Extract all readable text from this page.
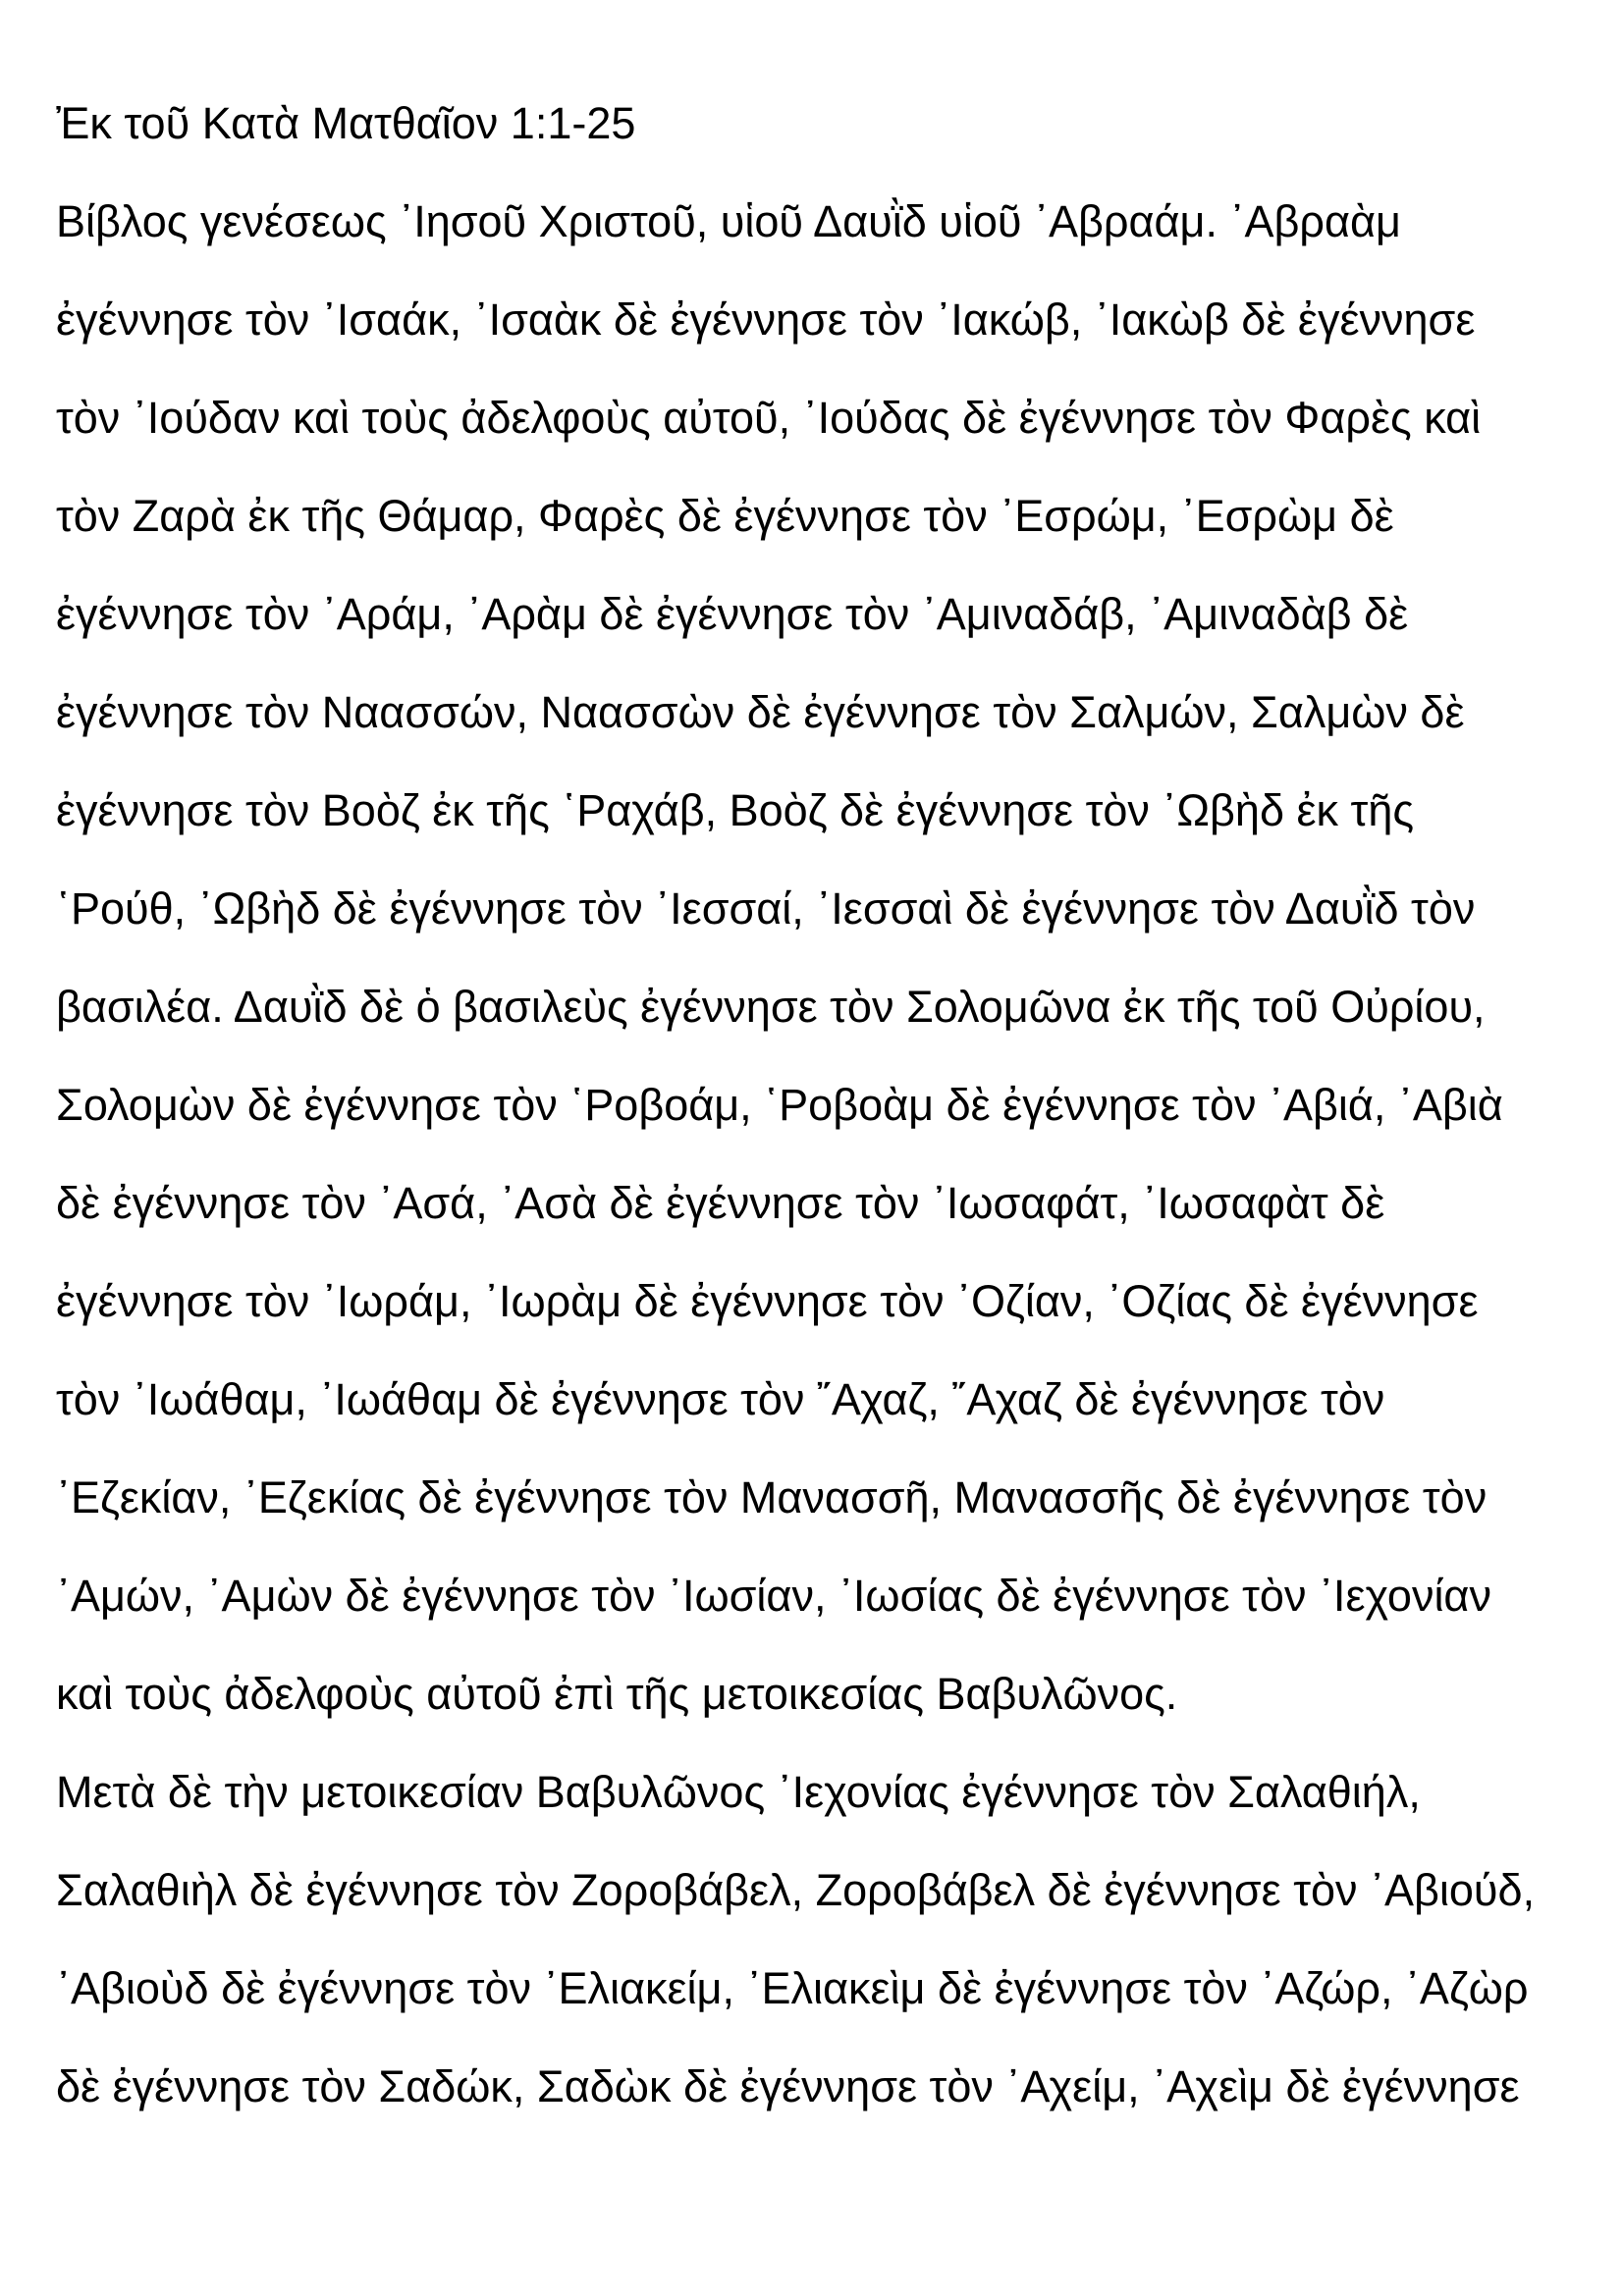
Ἐκ τοῦ Κατὰ Ματθαῖον 1:1-25
Βίβλος γενέσεως ᾿Ιησοῦ Χριστοῦ, υἱοῦ Δαυῒδ υἱοῦ ᾿Αβραάμ. ᾿Αβραὰμ
ἐγέννησε τὸν ᾿Ισαάκ, ᾿Ισαὰκ δὲ ἐγέννησε τὸν ᾿Ιακώβ, ᾿Ιακὼβ δὲ ἐγέννησε
τὸν ᾿Ιούδαν καὶ τοὺς ἀδελφοὺς αὐτοῦ, ᾿Ιούδας δὲ ἐγέννησε τὸν Φαρὲς καὶ
τὸν Ζαρὰ ἐκ τῆς Θάμαρ, Φαρὲς δὲ ἐγέννησε τὸν ᾿Εσρώμ, ᾿Εσρὼμ δὲ
ἐγέννησε τὸν ᾿Αράμ, ᾿Αρὰμ δὲ ἐγέννησε τὸν ᾿Αμιναδάβ, ᾿Αμιναδὰβ δὲ
ἐγέννησε τὸν Ναασσών, Ναασσὼν δὲ ἐγέννησε τὸν Σαλμών, Σαλμὼν δὲ
ἐγέννησε τὸν Βοὸζ ἐκ τῆς ῾Ραχάβ, Βοὸζ δὲ ἐγέννησε τὸν ᾿Ωβὴδ ἐκ τῆς
῾Ρούθ, ᾿Ωβὴδ δὲ ἐγέννησε τὸν ᾿Ιεσσαί, ᾿Ιεσσαὶ δὲ ἐγέννησε τὸν Δαυῒδ τὸν
βασιλέα. Δαυῒδ δὲ ὁ βασιλεὺς ἐγέννησε τὸν Σολομῶνα ἐκ τῆς τοῦ Οὐρίου,
Σολομὼν δὲ ἐγέννησε τὸν ῾Ροβοάμ, ῾Ροβοὰμ δὲ ἐγέννησε τὸν ᾿Αβιά, ᾿Αβιὰ
δὲ ἐγέννησε τὸν ᾿Ασά, ᾿Ασὰ δὲ ἐγέννησε τὸν ᾿Ιωσαφάτ, ᾿Ιωσαφὰτ δὲ
ἐγέννησε τὸν ᾿Ιωράμ, ᾿Ιωρὰμ δὲ ἐγέννησε τὸν ᾿Οζίαν, ᾿Οζίας δὲ ἐγέννησε
τὸν ᾿Ιωάθαμ, ᾿Ιωάθαμ δὲ ἐγέννησε τὸν ῎Αχαζ, ῎Αχαζ δὲ ἐγέννησε τὸν
᾿Εζεκίαν, ᾿Εζεκίας δὲ ἐγέννησε τὸν Μανασσῆ, Μανασσῆς δὲ ἐγέννησε τὸν
᾿Αμών, ᾿Αμὼν δὲ ἐγέννησε τὸν ᾿Ιωσίαν, ᾿Ιωσίας δὲ ἐγέννησε τὸν ᾿Ιεχονίαν
καὶ τοὺς ἀδελφοὺς αὐτοῦ ἐπὶ τῆς μετοικεσίας Βαβυλῶνος.
Μετὰ δὲ τὴν μετοικεσίαν Βαβυλῶνος ᾿Ιεχονίας ἐγέννησε τὸν Σαλαθιήλ,
Σαλαθιὴλ δὲ ἐγέννησε τὸν Ζοροβάβελ, Ζοροβάβελ δὲ ἐγέννησε τὸν ᾿Αβιούδ,
᾿Αβιοὺδ δὲ ἐγέννησε τὸν ᾿Ελιακείμ, ᾿Ελιακεὶμ δὲ ἐγέννησε τὸν ᾿Αζώρ, ᾿Αζὼρ
δὲ ἐγέννησε τὸν Σαδώκ, Σαδὼκ δὲ ἐγέννησε τὸν ᾿Αχείμ, ᾿Αχεὶμ δὲ ἐγέννησε
